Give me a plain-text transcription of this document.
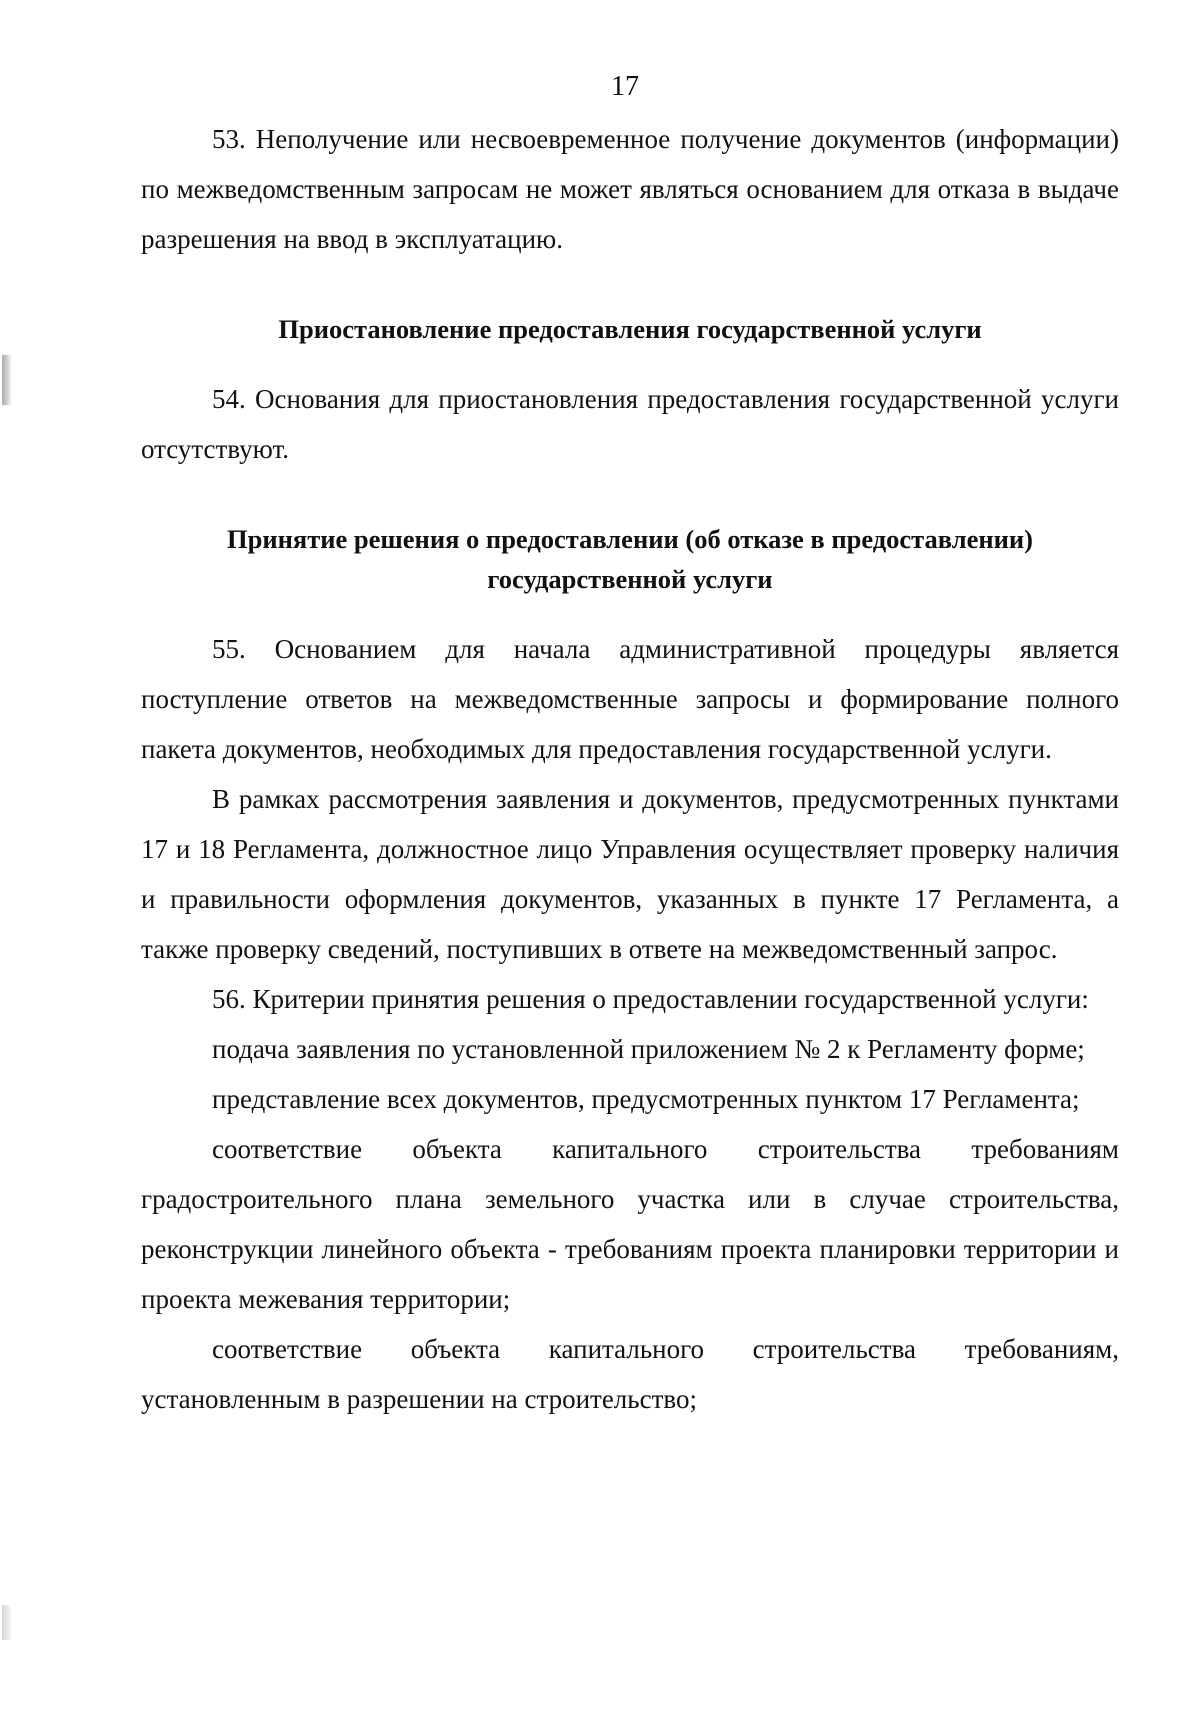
17

53. Неполучение или несвоевременное получение документов (информации) по межведомственным запросам не может являться основанием для отказа в выдаче разрешения на ввод в эксплуатацию.

Приостановление предоставления государственной услуги

54. Основания для приостановления предоставления государственной услуги отсутствуют.

Принятие решения о предоставлении (об отказе в предоставлении)
государственной услуги

55. Основанием для начала административной процедуры является поступление ответов на межведомственные запросы и формирование полного пакета документов, необходимых для предоставления государственной услуги.

В рамках рассмотрения заявления и документов, предусмотренных пунктами 17 и 18 Регламента, должностное лицо Управления осуществляет проверку наличия и правильности оформления документов, указанных в пункте 17 Регламента, а также проверку сведений, поступивших в ответе на межведомственный запрос.

56. Критерии принятия решения о предоставлении государственной услуги:

подача заявления по установленной приложением № 2 к Регламенту форме;

представление всех документов, предусмотренных пунктом 17 Регламента;

соответствие объекта капитального строительства требованиям градостроительного плана земельного участка или в случае строительства, реконструкции линейного объекта - требованиям проекта планировки территории и проекта межевания территории;

соответствие объекта капитального строительства требованиям, установленным в разрешении на строительство;
